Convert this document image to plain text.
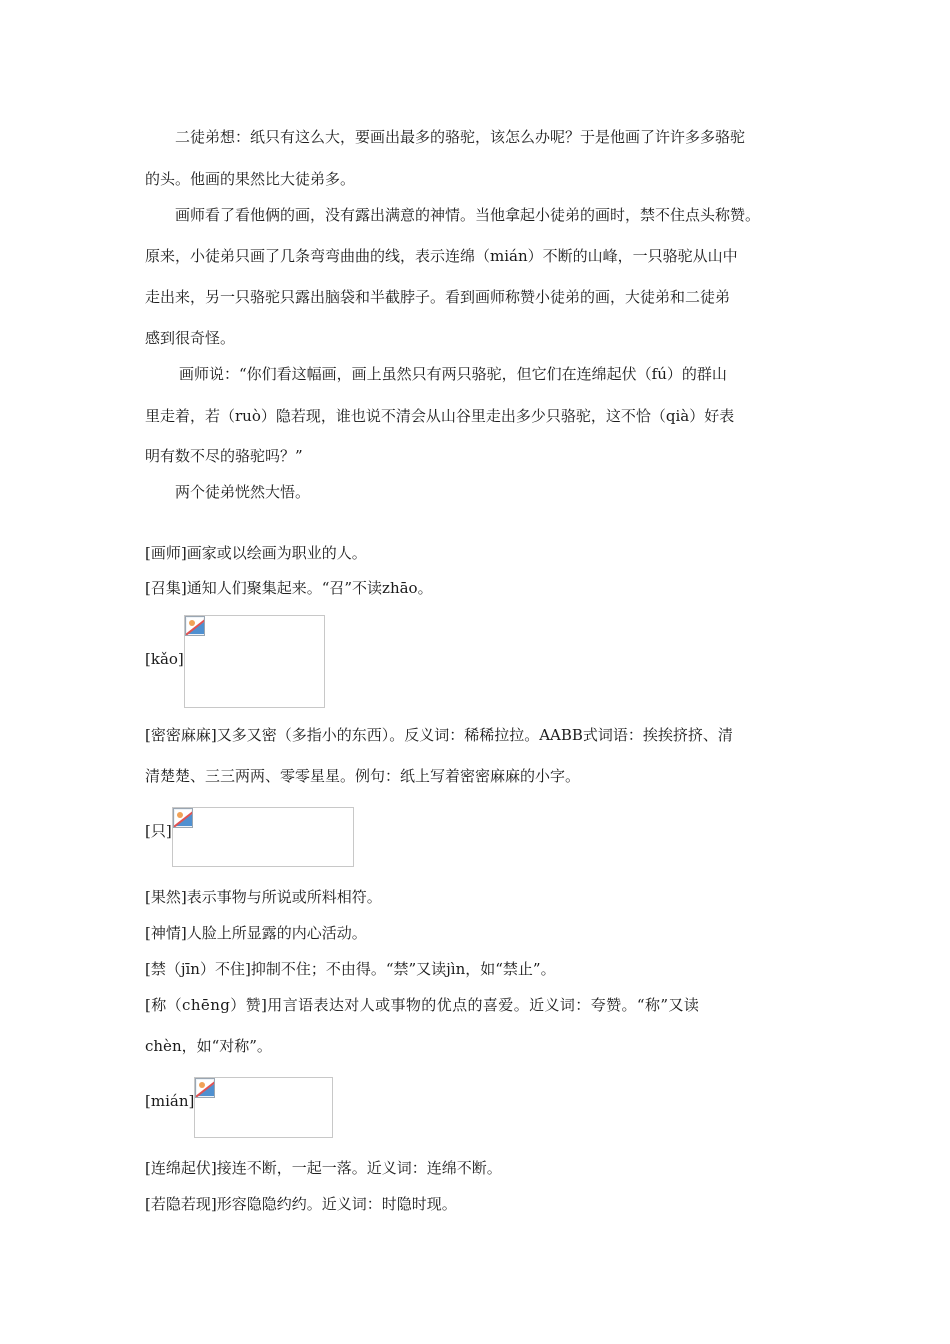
二徒弟想：纸只有这么大，要画出最多的骆驼，该怎么办呢？于是他画了许许多多骆驼

的头。他画的果然比大徒弟多。

画师看了看他俩的画，没有露出满意的神情。当他拿起小徒弟的画时，禁不住点头称赞。

原来，小徒弟只画了几条弯弯曲曲的线，表示连绵（mián）不断的山峰，一只骆驼从山中

走出来，另一只骆驼只露出脑袋和半截脖子。看到画师称赞小徒弟的画，大徒弟和二徒弟

感到很奇怪。

画师说：“你们看这幅画，画上虽然只有两只骆驼，但它们在连绵起伏（fú）的群山

里走着，若（ruò）隐若现，谁也说不清会从山谷里走出多少只骆驼，这不恰（qià）好表

明有数不尽的骆驼吗？”

两个徒弟恍然大悟。

[画师]画家或以绘画为职业的人。
[召集]通知人们聚集起来。“召”不读zhāo。
[kǎo]
[密密麻麻]又多又密（多指小的东西）。反义词：稀稀拉拉。AABB式词语：挨挨挤挤、清
清楚楚、三三两两、零零星星。例句：纸上写着密密麻麻的小字。
[只]
[果然]表示事物与所说或所料相符。
[神情]人脸上所显露的内心活动。
[禁（jīn）不住]抑制不住；不由得。“禁”又读jìn，如“禁止”。
[称（chēng）赞]用言语表达对人或事物的优点的喜爱。近义词：夸赞。“称”又读
chèn，如“对称”。
[mián]
[连绵起伏]接连不断，一起一落。近义词：连绵不断。
[若隐若现]形容隐隐约约。近义词：时隐时现。
